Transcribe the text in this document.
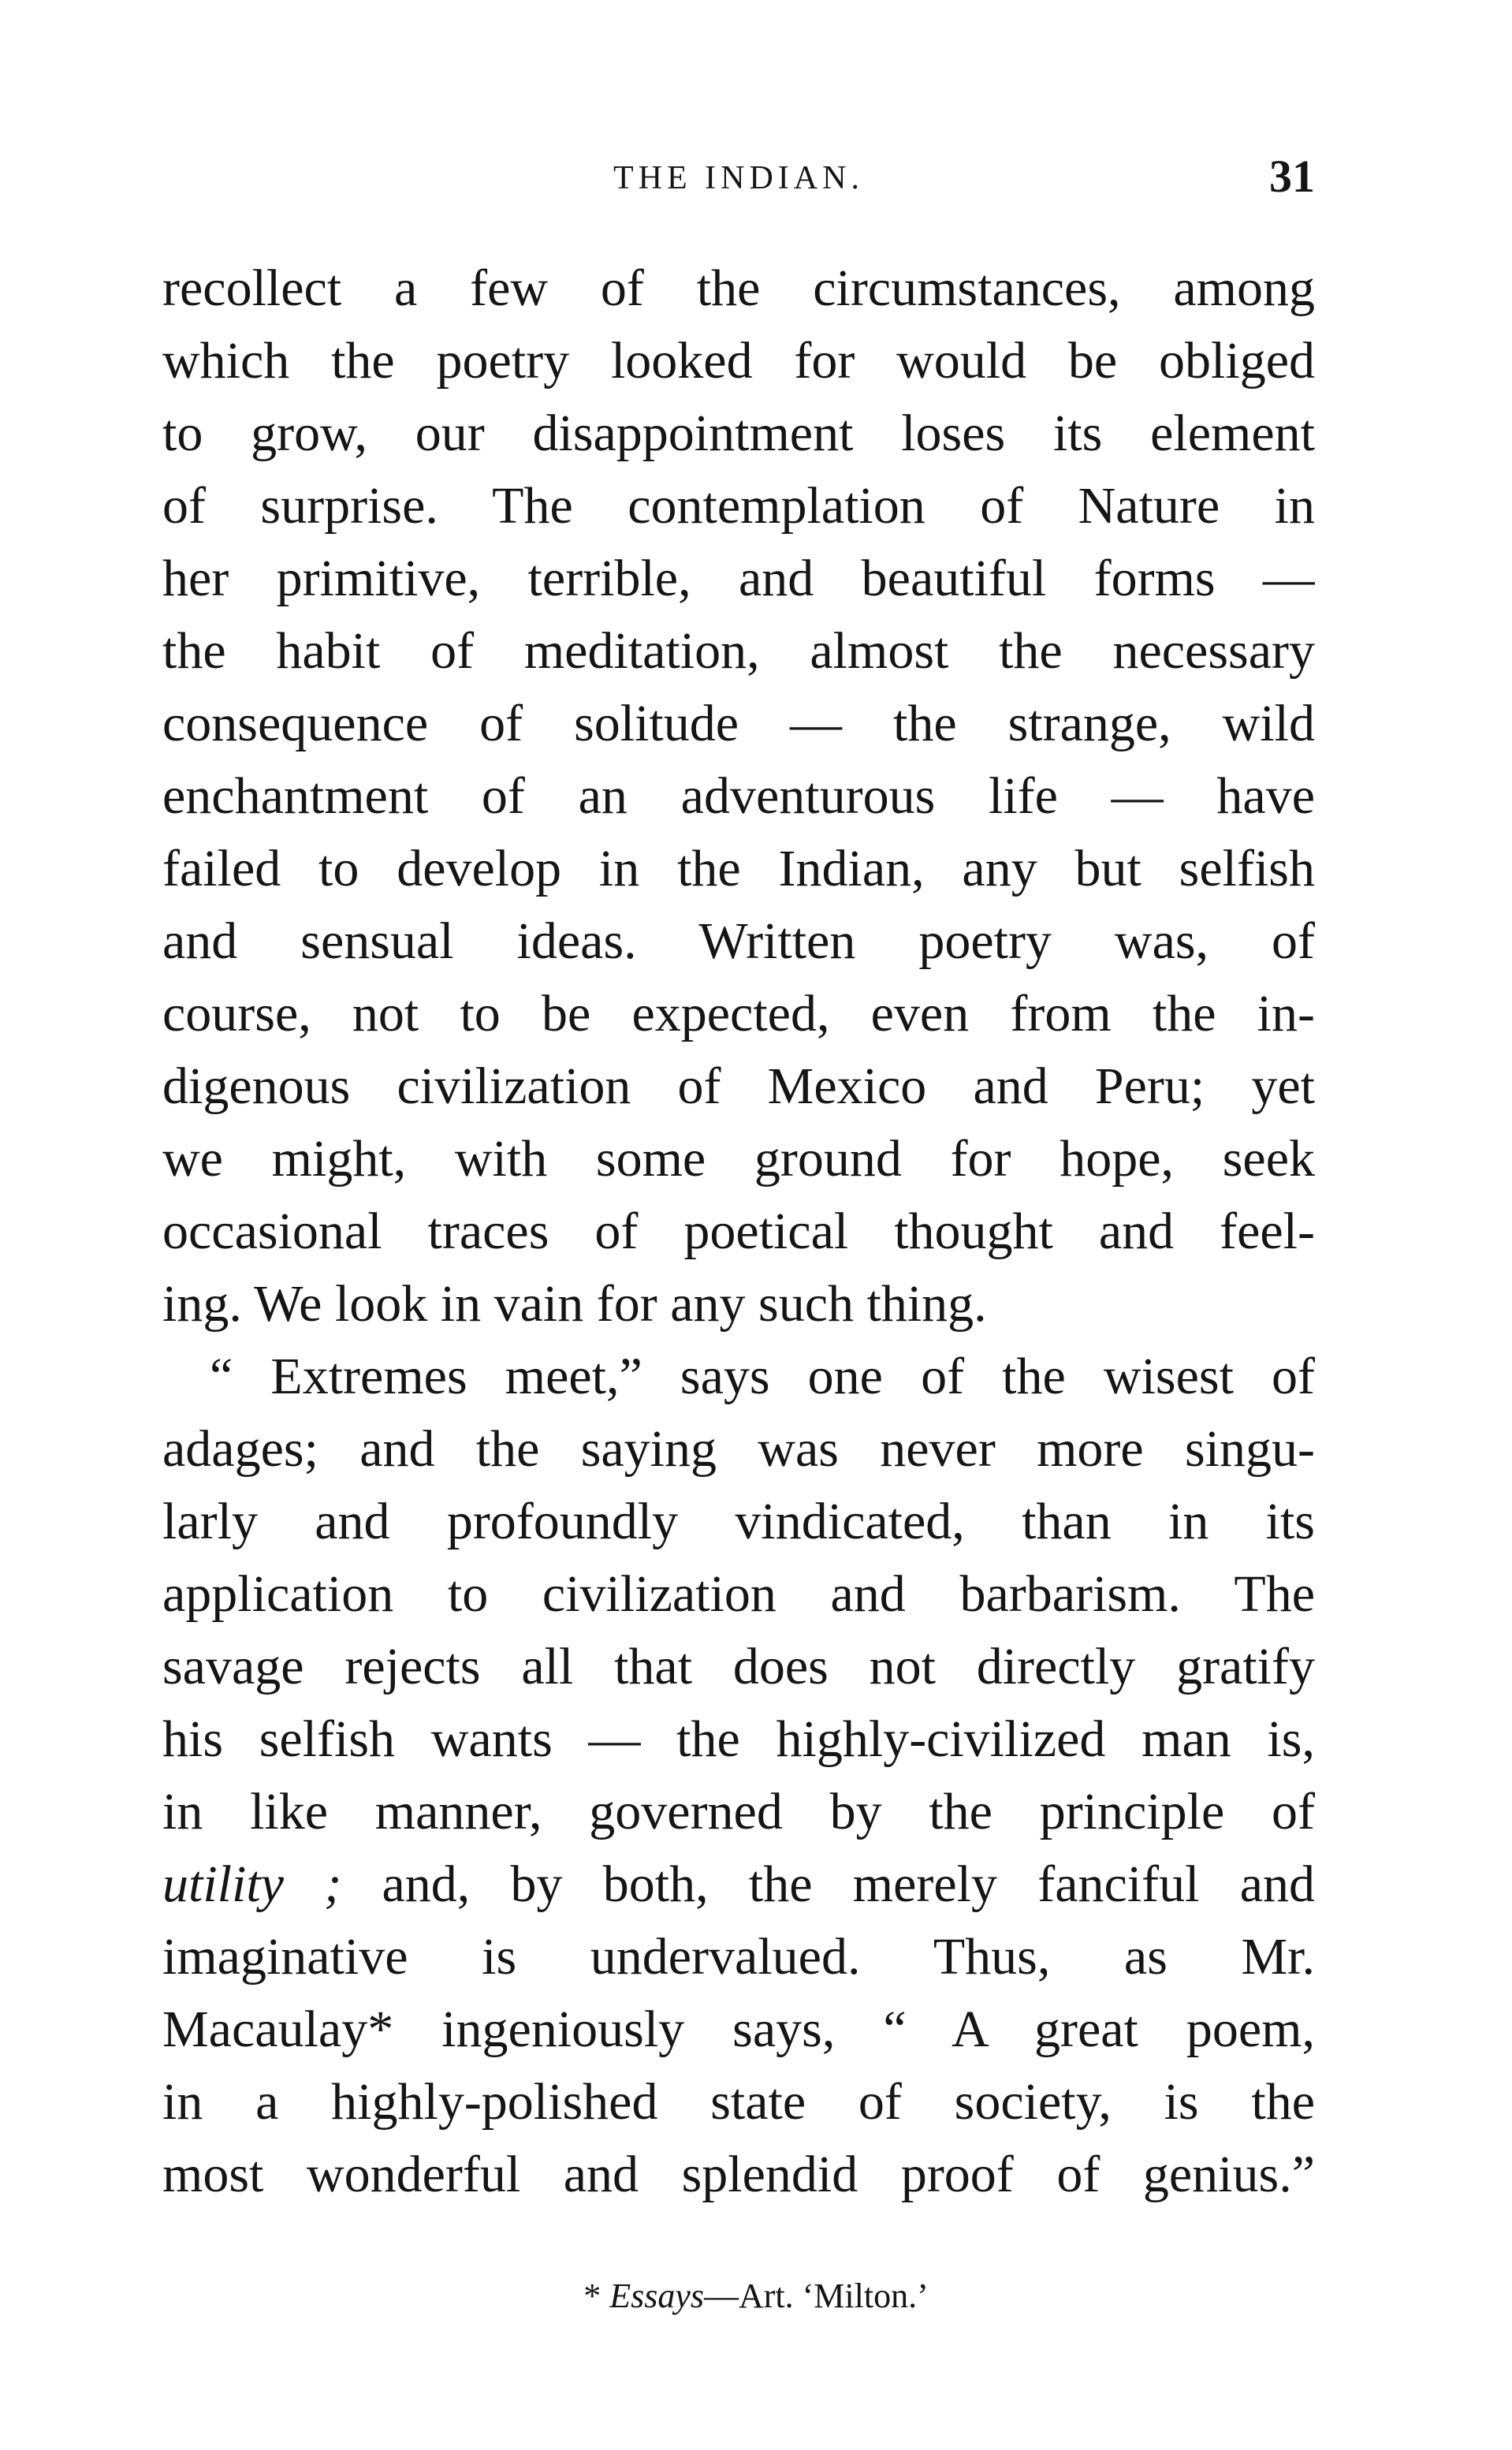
THE INDIAN.	31
recollect a few of the circumstances, among
which the poetry looked for would be obliged
to grow, our disappointment loses its element
of surprise. The contemplation of Nature in
her primitive, terrible, and beautiful forms —
the habit of meditation, almost the necessary
consequence of solitude — the strange, wild
enchantment of an adventurous life — have
failed to develop in the Indian, any but selfish
and sensual ideas. Written poetry was, of
course, not to be expected, even from the in-
digenous civilization of Mexico and Peru; yet
we might, with some ground for hope, seek
occasional traces of poetical thought and feel-
ing. We look in vain for any such thing.
“ Extremes meet,” says one of the wisest of
adages; and the saying was never more singu-
larly and profoundly vindicated, than in its
application to civilization and barbarism. The
savage rejects all that does not directly gratify
his selfish wants — the highly-civilized man is,
in like manner, governed by the principle of
utility ; and, by both, the merely fanciful and
imaginative is undervalued. Thus, as Mr.
Macaulay* ingeniously says, “ A great poem,
in a highly-polished state of society, is the
most wonderful and splendid proof of genius.”
* Essays—Art. ‘Milton.’
